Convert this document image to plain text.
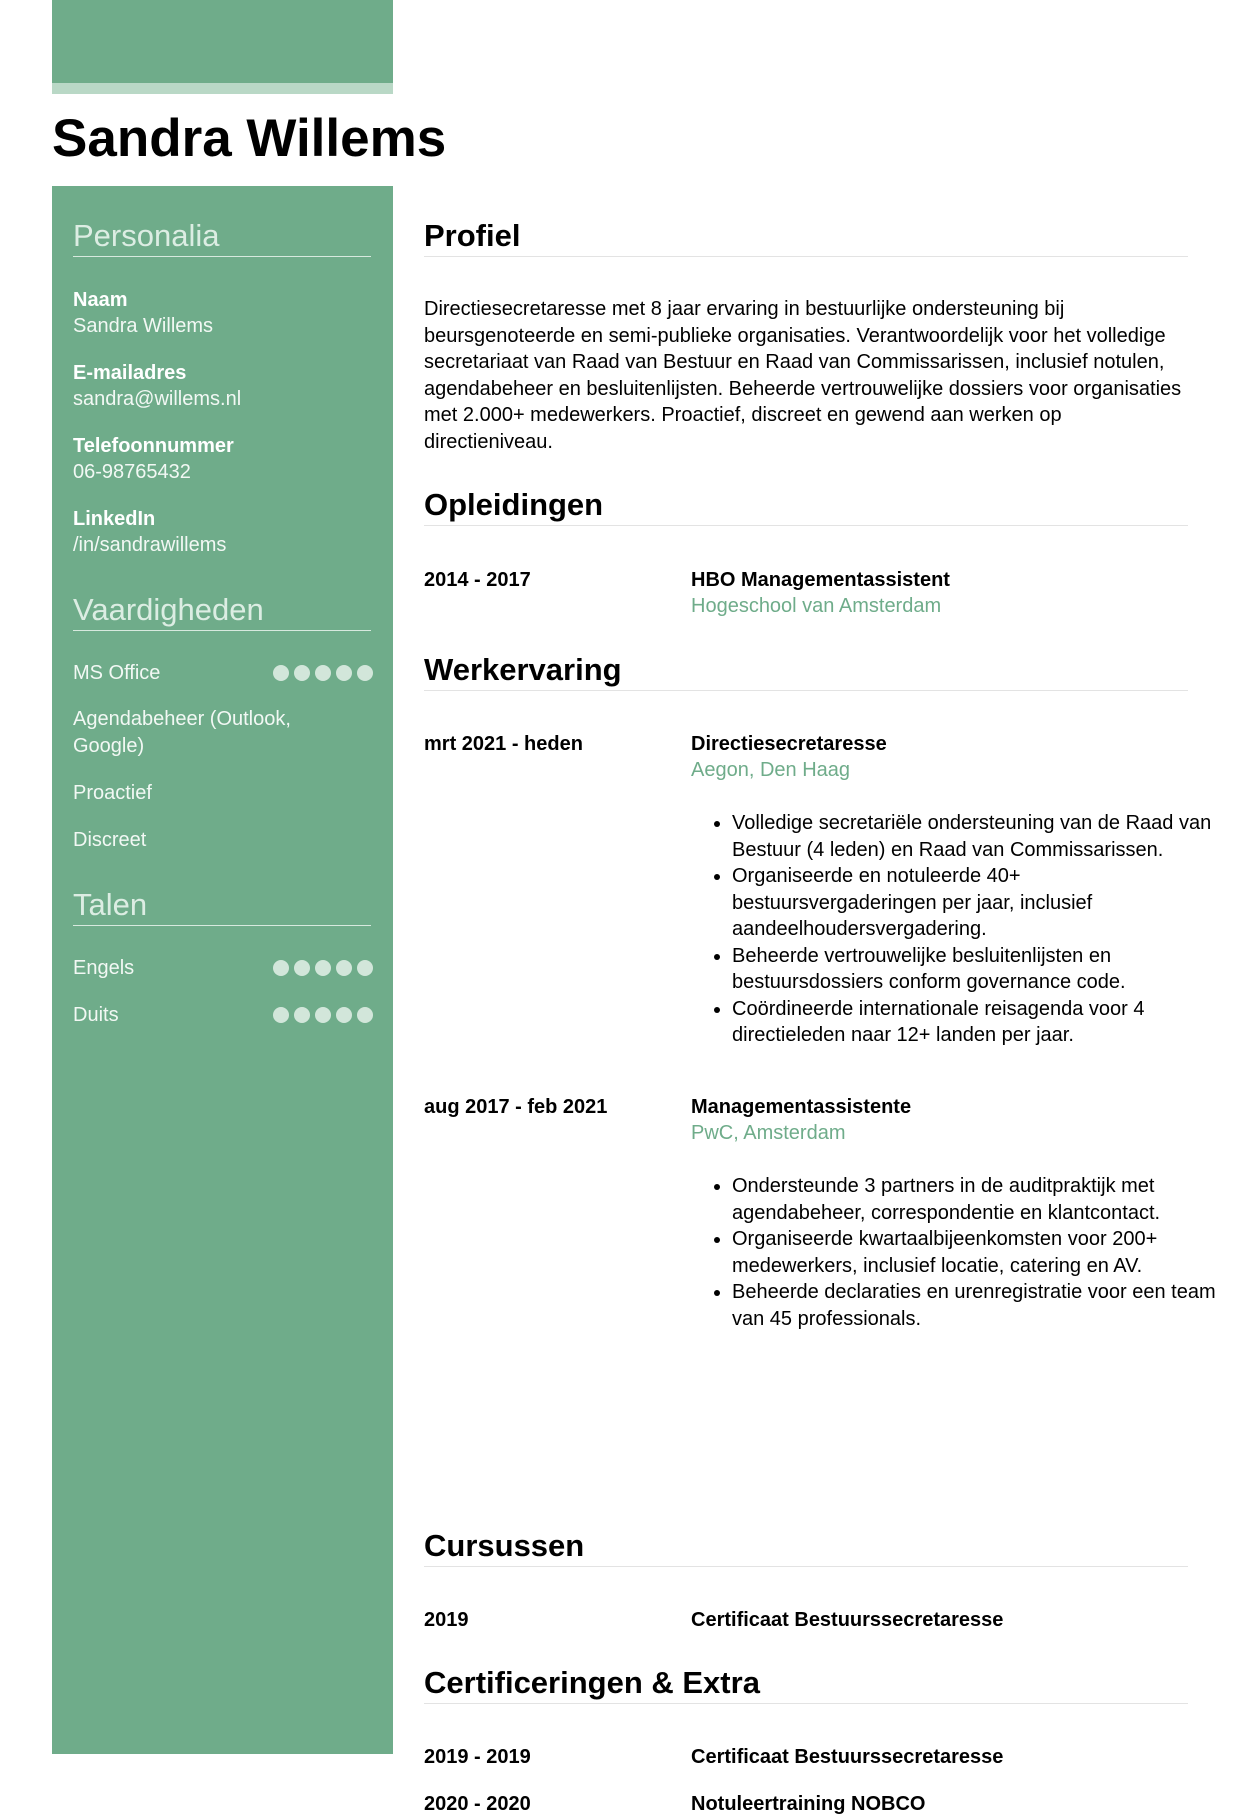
Sandra Willems
Personalia
Naam
Sandra Willems
E-mailadres
sandra@willems.nl
Telefoonnummer
06-98765432
LinkedIn
/in/sandrawillems
Vaardigheden
MS Office
Agendabeheer (Outlook, Google)
Proactief
Discreet
Talen
Engels
Duits
Profiel

Directiesecretaresse met 8 jaar ervaring in bestuurlijke ondersteuning bij beursgenoteerde en semi-publieke organisaties. Verantwoordelijk voor het volledige secretariaat van Raad van Bestuur en Raad van Commissarissen, inclusief notulen, agendabeheer en besluitenlijsten. Beheerde vertrouwelijke dossiers voor organisaties met 2.000+ medewerkers. Proactief, discreet en gewend aan werken op directieniveau.

Opleidingen
2014 - 2017	HBO Managementassistent
Hogeschool van Amsterdam
Werkervaring
mrt 2021 - heden	Directiesecretaresse
Aegon, Den Haag
• Volledige secretariële ondersteuning van de Raad van Bestuur (4 leden) en Raad van Commissarissen.
• Organiseerde en notuleerde 40+ bestuursvergaderingen per jaar, inclusief aandeelhoudersvergadering.
• Beheerde vertrouwelijke besluitenlijsten en bestuursdossiers conform governance code.
• Coördineerde internationale reisagenda voor 4 directieleden naar 12+ landen per jaar.
aug 2017 - feb 2021	Managementassistente
PwC, Amsterdam
• Ondersteunde 3 partners in de auditpraktijk met agendabeheer, correspondentie en klantcontact.
• Organiseerde kwartaalbijeenkomsten voor 200+ medewerkers, inclusief locatie, catering en AV.
• Beheerde declaraties en urenregistratie voor een team van 45 professionals.
Cursussen
2019	Certificaat Bestuurssecretaresse
Certificeringen & Extra
2019 - 2019	Certificaat Bestuurssecretaresse
2020 - 2020	Notuleertraining NOBCO
